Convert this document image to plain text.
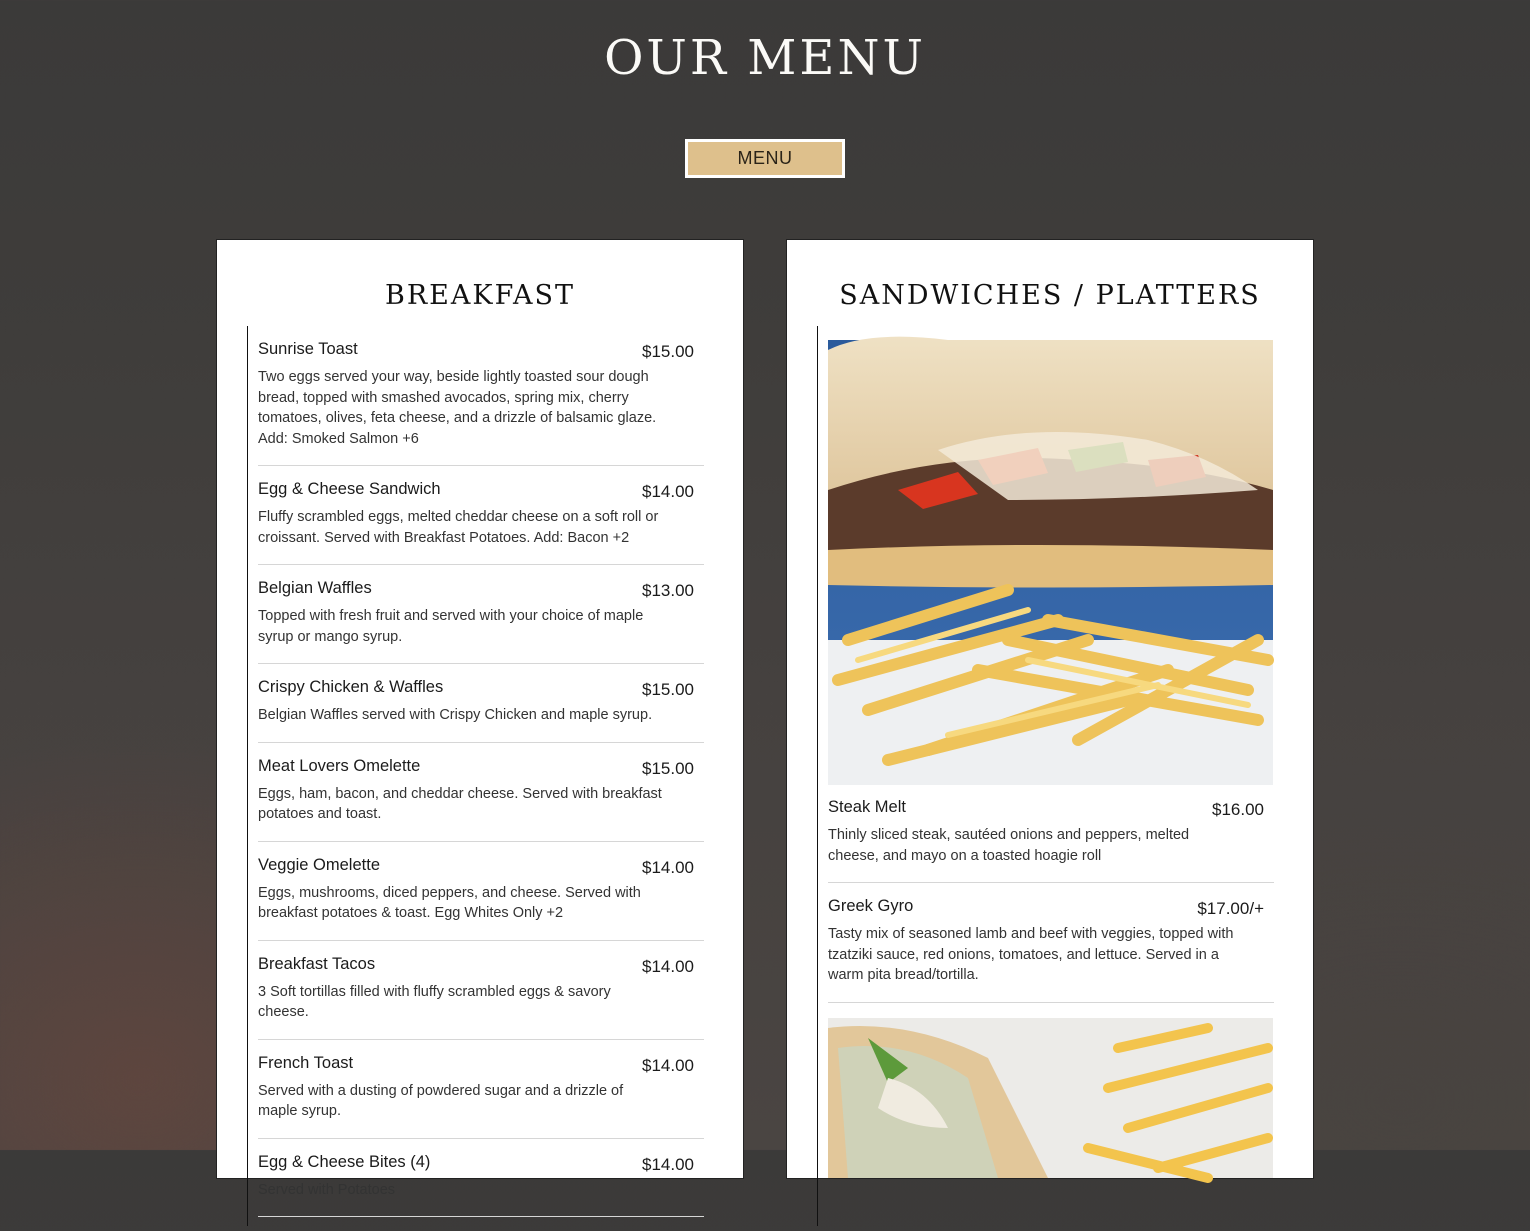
OUR MENU
MENU
BREAKFAST
Sunrise Toast	$15.00
Two eggs served your way, beside lightly toasted sour dough bread, topped with smashed avocados, spring mix, cherry tomatoes, olives, feta cheese, and a drizzle of balsamic glaze. Add: Smoked Salmon +6
Egg & Cheese Sandwich	$14.00
Fluffy scrambled eggs, melted cheddar cheese on a soft roll or croissant. Served with Breakfast Potatoes. Add: Bacon +2
Belgian Waffles	$13.00
Topped with fresh fruit and served with your choice of maple syrup or mango syrup.
Crispy Chicken & Waffles	$15.00
Belgian Waffles served with Crispy Chicken and maple syrup.
Meat Lovers Omelette	$15.00
Eggs, ham, bacon, and cheddar cheese. Served with breakfast potatoes and toast.
Veggie Omelette	$14.00
Eggs, mushrooms, diced peppers, and cheese. Served with breakfast potatoes & toast. Egg Whites Only +2
Breakfast Tacos	$14.00
3 Soft tortillas filled with fluffy scrambled eggs & savory cheese.
French Toast	$14.00
Served with a dusting of powdered sugar and a drizzle of maple syrup.
Egg & Cheese Bites (4)	$14.00
Served with Potatoes
SANDWICHES / PLATTERS
Steak Melt	$16.00
Thinly sliced steak, sautéed onions and peppers, melted cheese, and mayo on a toasted hoagie roll
Greek Gyro	$17.00/+
Tasty mix of seasoned lamb and beef with veggies, topped with tzatziki sauce, red onions, tomatoes, and lettuce. Served in a warm pita bread/tortilla.
